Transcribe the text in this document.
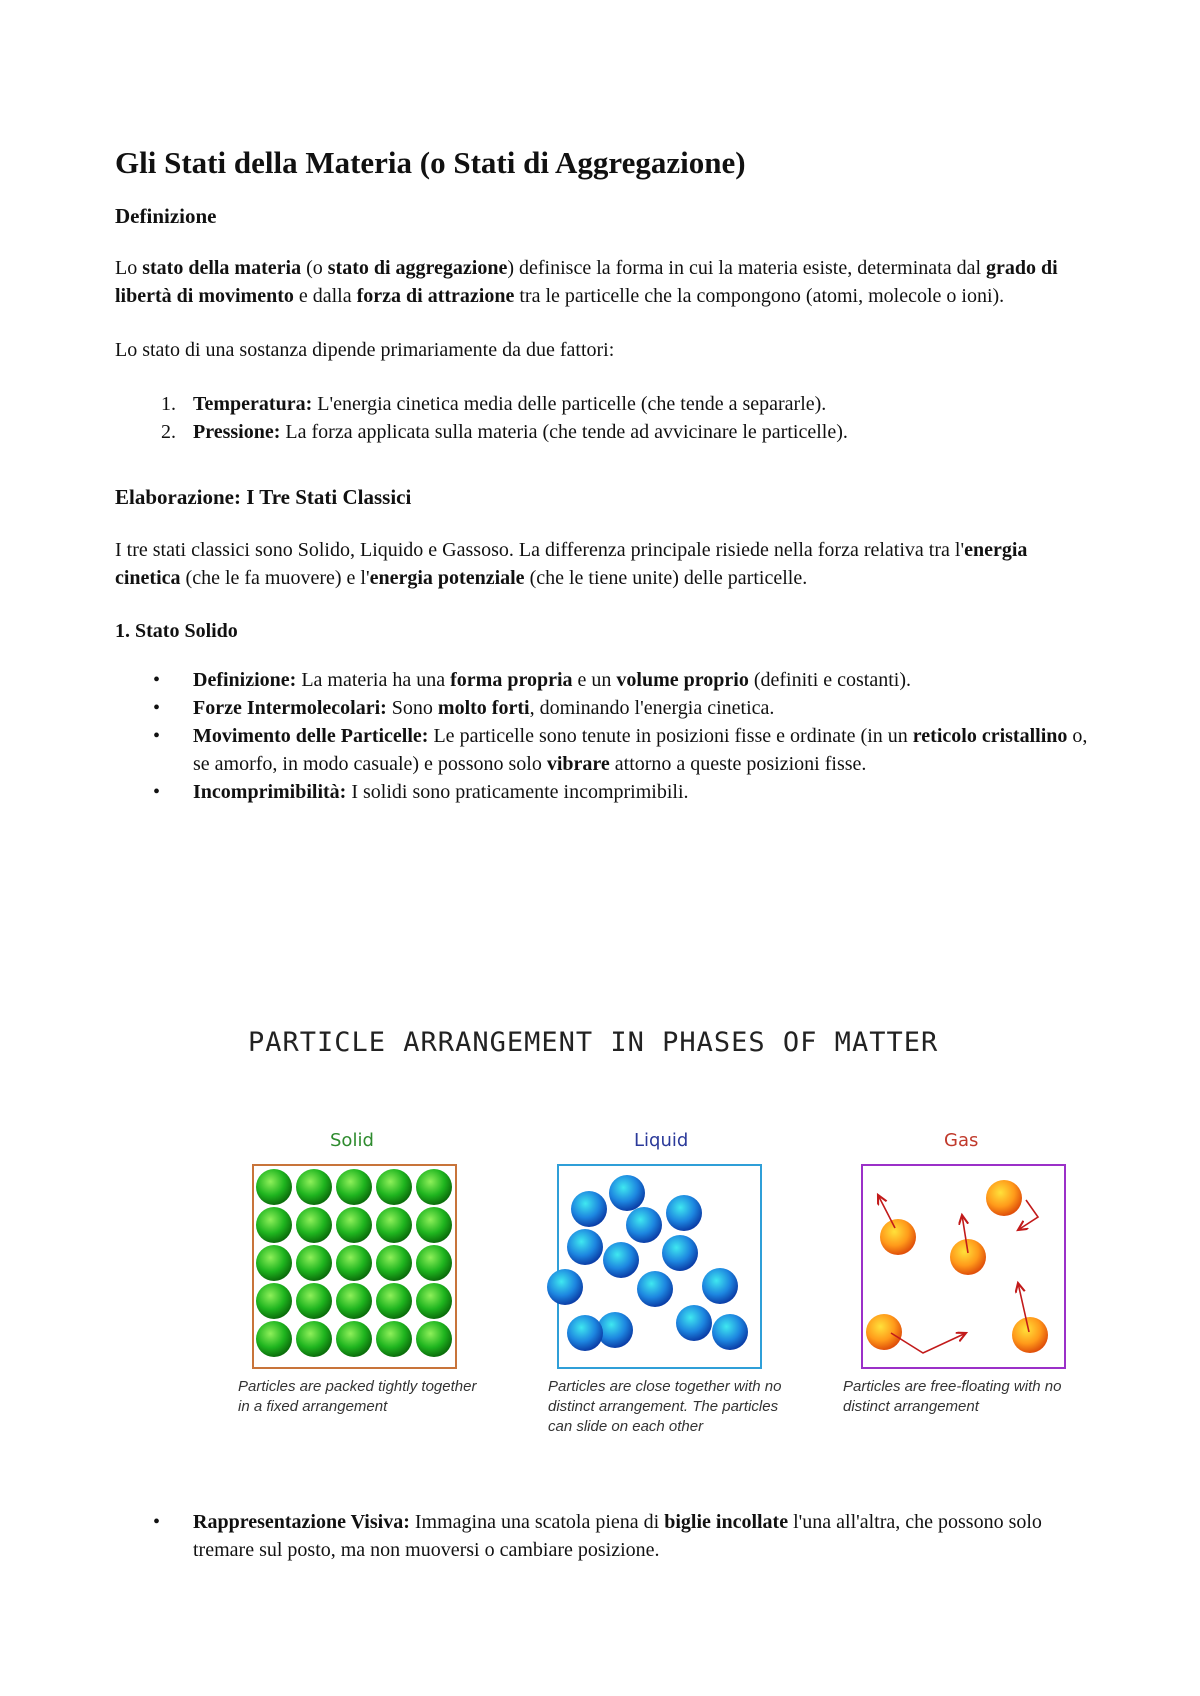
Gli Stati della Materia (o Stati di Aggregazione)
Definizione

Lo stato della materia (o stato di aggregazione) definisce la forma in cui la materia esiste, determinata dal grado di libertà di movimento e dalla forza di attrazione tra le particelle che la compongono (atomi, molecole o ioni).

Lo stato di una sostanza dipende primariamente da due fattori:

1. Temperatura: L'energia cinetica media delle particelle (che tende a separarle).
2. Pressione: La forza applicata sulla materia (che tende ad avvicinare le particelle).
Elaborazione: I Tre Stati Classici

I tre stati classici sono Solido, Liquido e Gassoso. La differenza principale risiede nella forza relativa tra l'energia cinetica (che le fa muovere) e l'energia potenziale (che le tiene unite) delle particelle.

1. Stato Solido
• Definizione: La materia ha una forma propria e un volume proprio (definiti e costanti).
• Forze Intermolecolari: Sono molto forti, dominando l'energia cinetica.
• Movimento delle Particelle: Le particelle sono tenute in posizioni fisse e ordinate (in un reticolo cristallino o, se amorfo, in modo casuale) e possono solo vibrare attorno a queste posizioni fisse.
• Incomprimibilità: I solidi sono praticamente incomprimibili.
PARTICLE ARRANGEMENT IN PHASES OF MATTER
Solid	Liquid	Gas
Particles are packed tightly together in a fixed arrangement
Particles are close together with no distinct arrangement. The particles can slide on each other
Particles are free-floating with no distinct arrangement
• Rappresentazione Visiva: Immagina una scatola piena di biglie incollate l'una all'altra, che possono solo tremare sul posto, ma non muoversi o cambiare posizione.
